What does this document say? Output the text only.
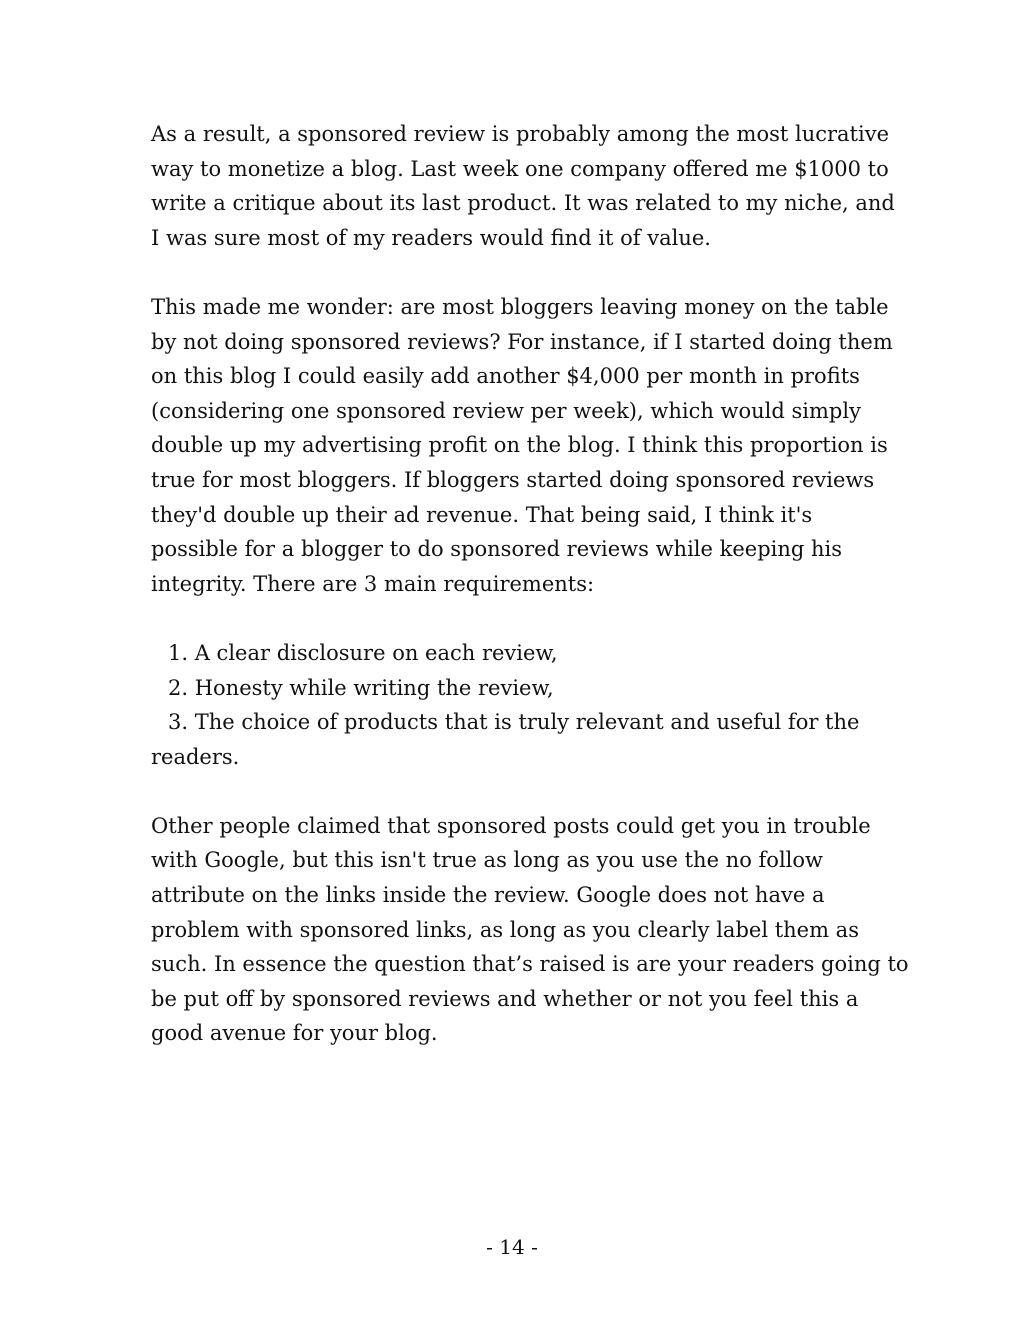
As a result, a sponsored review is probably among the most lucrative
way to monetize a blog. Last week one company offered me $1000 to
write a critique about its last product. It was related to my niche, and
I was sure most of my readers would find it of value.
This made me wonder: are most bloggers leaving money on the table
by not doing sponsored reviews? For instance, if I started doing them
on this blog I could easily add another $4,000 per month in profits
(considering one sponsored review per week), which would simply
double up my advertising profit on the blog. I think this proportion is
true for most bloggers. If bloggers started doing sponsored reviews
they'd double up their ad revenue. That being said, I think it's
possible for a blogger to do sponsored reviews while keeping his
integrity. There are 3 main requirements:
1. A clear disclosure on each review,
2. Honesty while writing the review,
3. The choice of products that is truly relevant and useful for the
readers.
Other people claimed that sponsored posts could get you in trouble
with Google, but this isn't true as long as you use the no follow
attribute on the links inside the review. Google does not have a
problem with sponsored links, as long as you clearly label them as
such. In essence the question that’s raised is are your readers going to
be put off by sponsored reviews and whether or not you feel this a
good avenue for your blog.
- 14 -
